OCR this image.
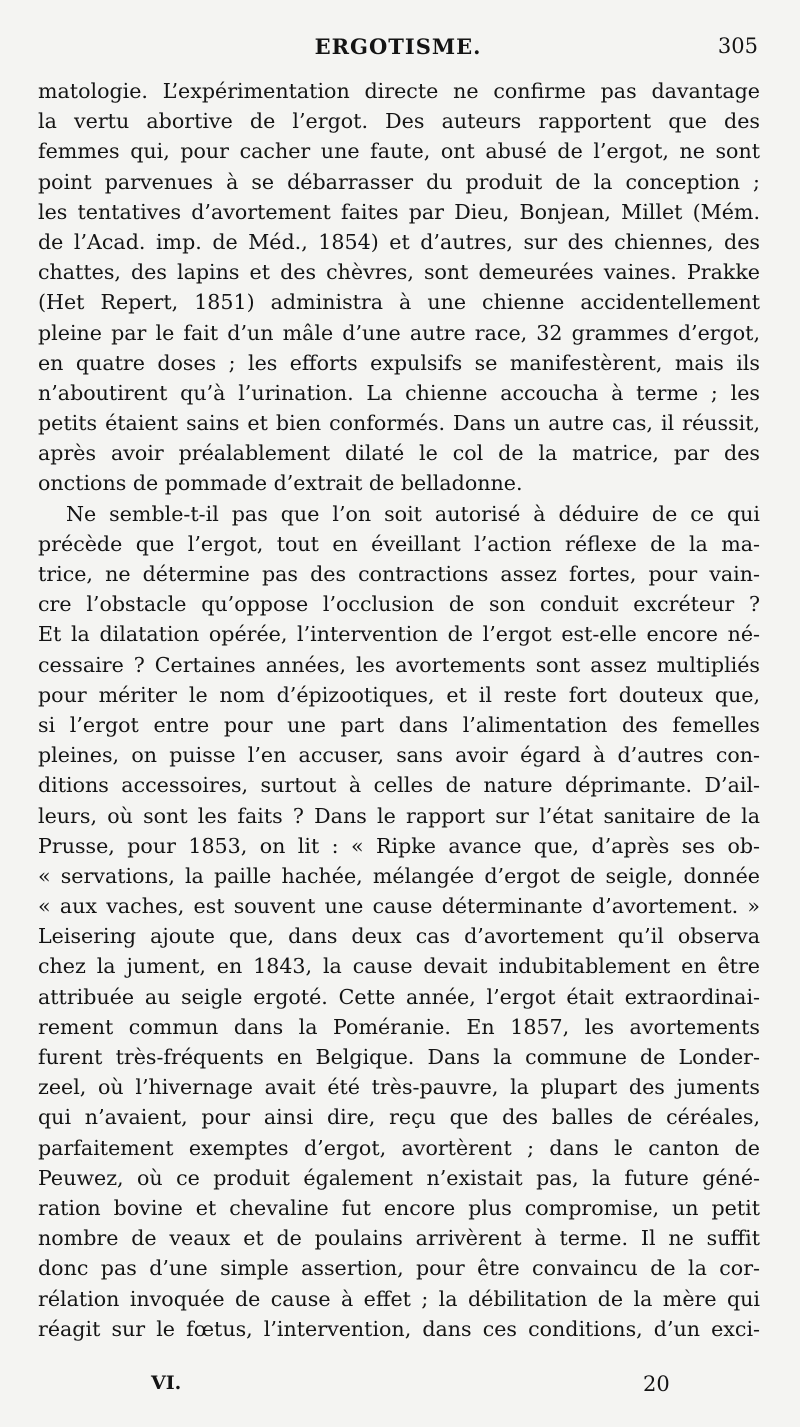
ERGOTISME.	305
matologie. L’expérimentation directe ne confirme pas davantage
la vertu abortive de l’ergot. Des auteurs rapportent que des
femmes qui, pour cacher une faute, ont abusé de l’ergot, ne sont
point parvenues à se débarrasser du produit de la conception ;
les tentatives d’avortement faites par Dieu, Bonjean, Millet (Mém.
de l’Acad. imp. de Méd., 1854) et d’autres, sur des chiennes, des
chattes, des lapins et des chèvres, sont demeurées vaines. Prakke
(Het Repert, 1851) administra à une chienne accidentellement
pleine par le fait d’un mâle d’une autre race, 32 grammes d’ergot,
en quatre doses ; les efforts expulsifs se manifestèrent, mais ils
n’aboutirent qu’à l’urination. La chienne accoucha à terme ; les
petits étaient sains et bien conformés. Dans un autre cas, il réussit,
après avoir préalablement dilaté le col de la matrice, par des
onctions de pommade d’extrait de belladonne.
Ne semble-t-il pas que l’on soit autorisé à déduire de ce qui
précède que l’ergot, tout en éveillant l’action réflexe de la ma-
trice, ne détermine pas des contractions assez fortes, pour vain-
cre l’obstacle qu’oppose l’occlusion de son conduit excréteur ?
Et la dilatation opérée, l’intervention de l’ergot est-elle encore né-
cessaire ? Certaines années, les avortements sont assez multipliés
pour mériter le nom d’épizootiques, et il reste fort douteux que,
si l’ergot entre pour une part dans l’alimentation des femelles
pleines, on puisse l’en accuser, sans avoir égard à d’autres con-
ditions accessoires, surtout à celles de nature déprimante. D’ail-
leurs, où sont les faits ? Dans le rapport sur l’état sanitaire de la
Prusse, pour 1853, on lit : « Ripke avance que, d’après ses ob-
« servations, la paille hachée, mélangée d’ergot de seigle, donnée
« aux vaches, est souvent une cause déterminante d’avortement. »
Leisering ajoute que, dans deux cas d’avortement qu’il observa
chez la jument, en 1843, la cause devait indubitablement en être
attribuée au seigle ergoté. Cette année, l’ergot était extraordinai-
rement commun dans la Poméranie. En 1857, les avortements
furent très-fréquents en Belgique. Dans la commune de Londer-
zeel, où l’hivernage avait été très-pauvre, la plupart des juments
qui n’avaient, pour ainsi dire, reçu que des balles de céréales,
parfaitement exemptes d’ergot, avortèrent ; dans le canton de
Peuwez, où ce produit également n’existait pas, la future géné-
ration bovine et chevaline fut encore plus compromise, un petit
nombre de veaux et de poulains arrivèrent à terme. Il ne suffit
donc pas d’une simple assertion, pour être convaincu de la cor-
rélation invoquée de cause à effet ; la débilitation de la mère qui
réagit sur le fœtus, l’intervention, dans ces conditions, d’un exci-
VI.	20
